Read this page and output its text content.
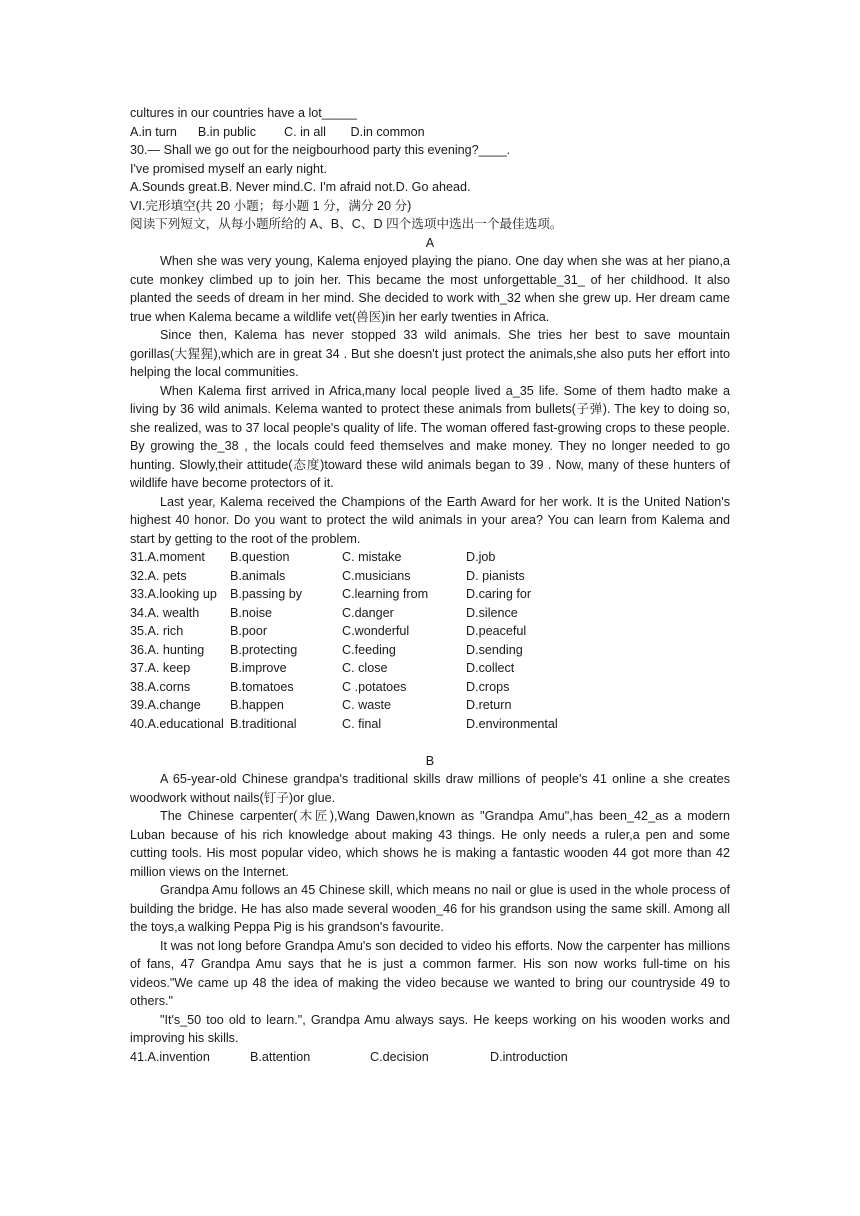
cultures in our countries have a lot_____
A.in turn      B.in public        C. in all       D.in common
30.— Shall we go out for the neigbourhood party this evening?____.
I've promised myself an early night.
A.Sounds great.B. Never mind.C. I'm afraid not.D. Go ahead.
VI.完形填空(共 20 小题；每小题 1 分，满分 20 分)
阅读下列短文，从每小题所给的 A、B、C、D 四个选项中选出一个最佳选项。
A

When she was very young, Kalema enjoyed playing the piano. One day when she was at her piano,a cute monkey climbed up to join her. This became the most unforgettable_31_ of her childhood. It also planted the seeds of dream in her mind. She decided to work with_32 when she grew up. Her dream came true when Kalema became a wildlife vet(兽医)in her early twenties in Africa.

Since then, Kalema has never stopped 33 wild animals. She tries her best to save mountain gorillas(大猩猩),which are in great 34 . But she doesn't just protect the animals,she also puts her effort into helping the local communities.

When Kalema first arrived in Africa,many local people lived a_35 life. Some of them hadto make a living by 36 wild animals. Kelema wanted to protect these animals from bullets(子弹). The key to doing so, she realized, was to 37 local people's quality of life. The woman offered fast-growing crops to these people. By growing the_38 , the locals could feed themselves and make money. They no longer needed to go hunting. Slowly,their attitude(态度)toward these wild animals began to 39 . Now, many of these hunters of wildlife have become protectors of it.

Last year, Kalema received the Champions of the Earth Award for her work. It is the United Nation's highest 40 honor. Do you want to protect the wild animals in your area? You can learn from Kalema and start by getting to the root of the problem.

31.A.moment	B.question	C. mistake	D.job
32.A. pets	B.animals	C.musicians	D. pianists
33.A.looking up	B.passing by	C.learning from	D.caring for
34.A. wealth	B.noise	C.danger	D.silence
35.A. rich	B.poor	C.wonderful	D.peaceful
36.A. hunting	B.protecting	C.feeding	D.sending
37.A. keep	B.improve	C. close	D.collect
38.A.corns	B.tomatoes	C .potatoes	D.crops
39.A.change	B.happen	C. waste	D.return
40.A.educational B.traditional	C. final	D.environmental
B

A 65-year-old Chinese grandpa's traditional skills draw millions of people's 41 online a she creates woodwork without nails(钉子)or glue.

The Chinese carpenter(木匠),Wang Dawen,known as "Grandpa Amu",has been_42_as a modern Luban because of his rich knowledge about making 43 things. He only needs a ruler,a pen and some cutting tools. His most popular video, which shows he is making a fantastic wooden 44 got more than 42 million views on the Internet.

Grandpa Amu follows an 45 Chinese skill, which means no nail or glue is used in the whole process of building the bridge. He has also made several wooden_46 for his grandson using the same skill. Among all the toys,a walking Peppa Pig is his grandson's favourite.

It was not long before Grandpa Amu's son decided to video his efforts. Now the carpenter has millions of fans, 47 Grandpa Amu says that he is just a common farmer. His son now works full-time on his videos."We came up 48 the idea of making the video because we wanted to bring our countryside 49 to others."

"It's_50 too old to learn.", Grandpa Amu always says. He keeps working on his wooden works and improving his skills.

41.A.invention	B.attention	C.decision	D.introduction
